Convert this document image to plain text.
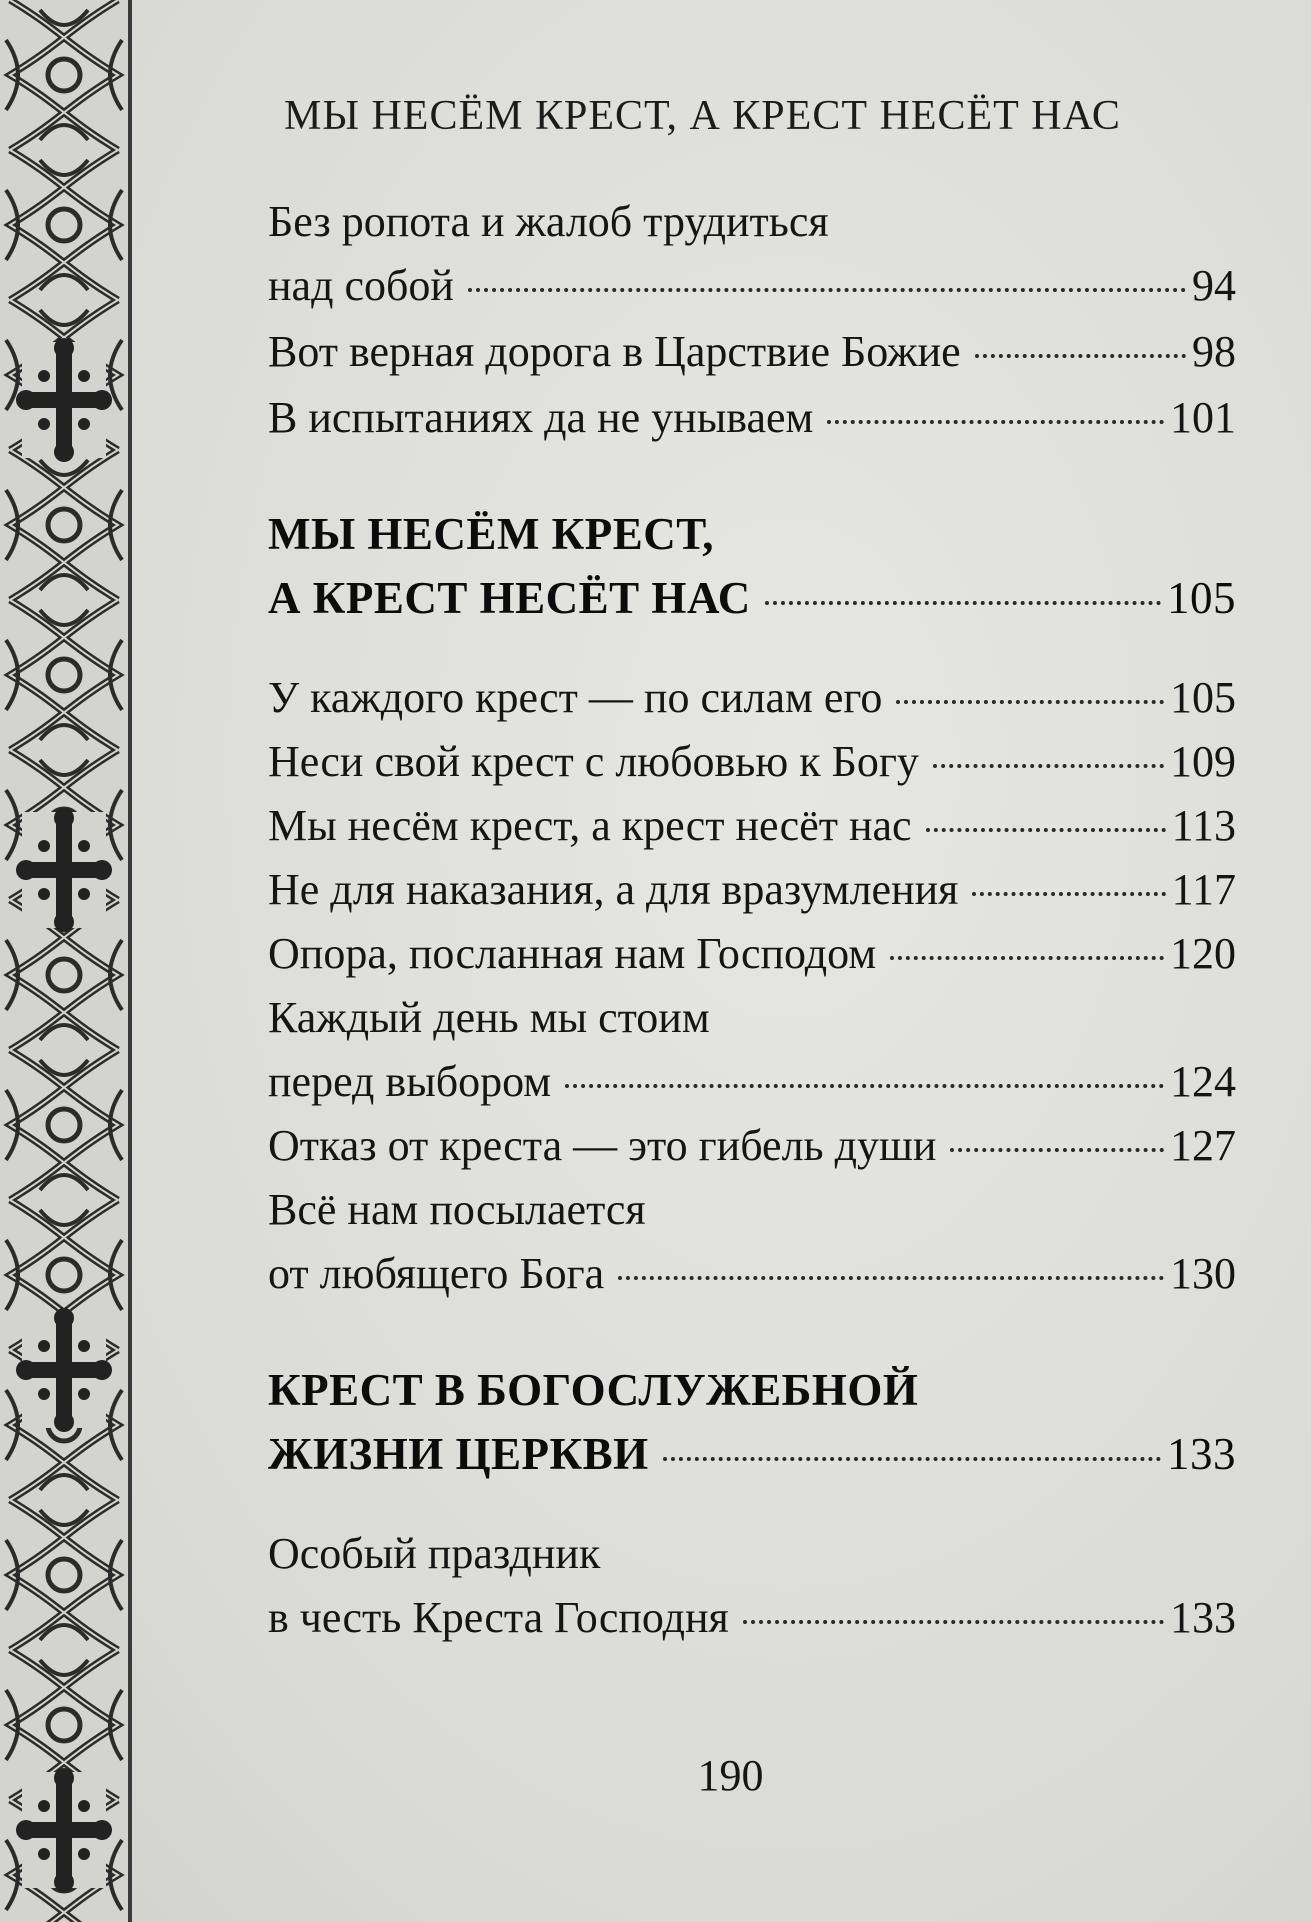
МЫ НЕСЁМ КРЕСТ, А КРЕСТ НЕСЁТ НАС
Без ропота и жалоб трудиться
над собой	94
Вот верная дорога в Царствие Божие	98
В испытаниях да не унываем	101
МЫ НЕСЁМ КРЕСТ,
А КРЕСТ НЕСЁТ НАС	105
У каждого крест — по силам его	105
Неси свой крест с любовью к Богу	109
Мы несём крест, а крест несёт нас	113
Не для наказания, а для вразумления	117
Опора, посланная нам Господом	120
Каждый день мы стоим
перед выбором	124
Отказ от креста — это гибель души	127
Всё нам посылается
от любящего Бога	130
КРЕСТ В БОГОСЛУЖЕБНОЙ
ЖИЗНИ ЦЕРКВИ	133
Особый праздник
в честь Креста Господня	133
190
